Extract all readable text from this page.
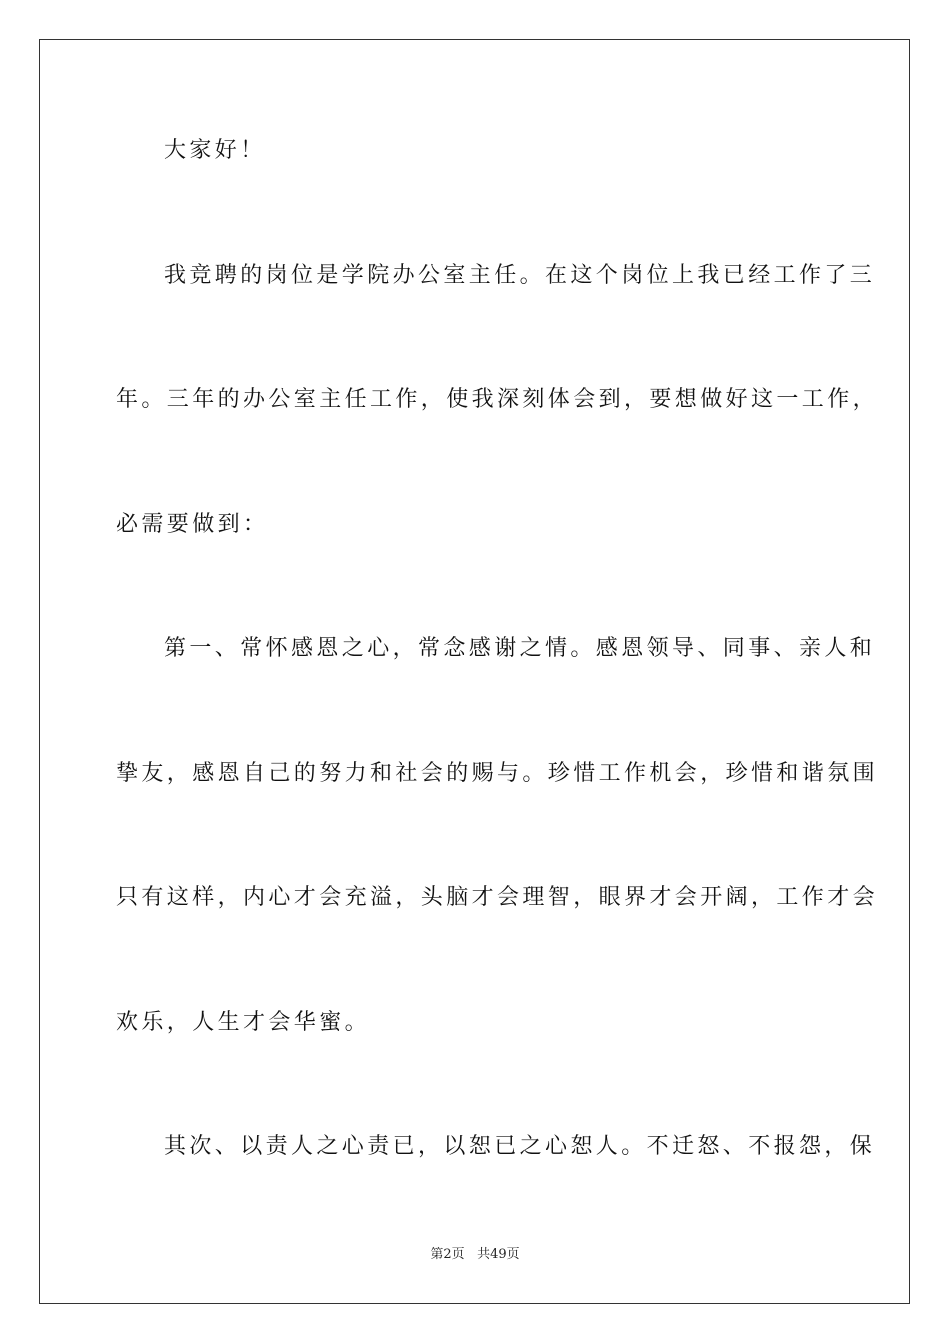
大家好！
我竞聘的岗位是学院办公室主任。在这个岗位上我已经工作了三
年。三年的办公室主任工作，使我深刻体会到，要想做好这一工作，
必需要做到：
第一、常怀感恩之心，常念感谢之情。感恩领导、同事、亲人和
挚友，感恩自己的努力和社会的赐与。珍惜工作机会，珍惜和谐氛围
只有这样，内心才会充溢，头脑才会理智，眼界才会开阔，工作才会
欢乐，人生才会华蜜。
其次、以责人之心责已，以恕已之心恕人。不迁怒、不报怨，保
第2页 共49页
